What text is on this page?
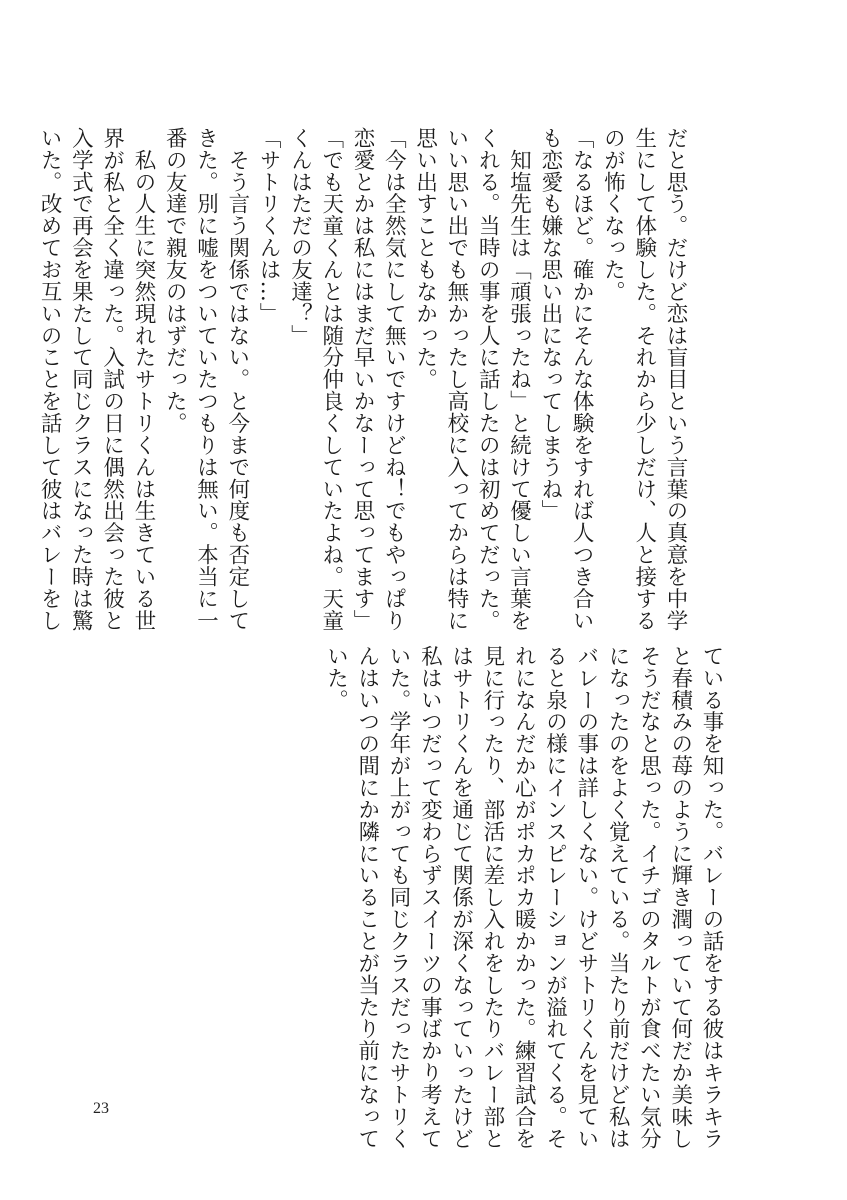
だと思う。だけど恋は盲目という言葉の真意を中学
生にして体験した。それから少しだけ、人と接する
のが怖くなった。
「なるほど。確かにそんな体験をすれば人つき合い
も恋愛も嫌な思い出になってしまうね」
　知塩先生は「頑張ったね」と続けて優しい言葉を
くれる。当時の事を人に話したのは初めてだった。
いい思い出でも無かったし高校に入ってからは特に
思い出すこともなかった。
「今は全然気にして無いですけどね！でもやっぱり
恋愛とかは私にはまだ早いかなーって思ってます」
「でも天童くんとは随分仲良くしていたよね。天童
くんはただの友達？」
「サトリくんは…」
　そう言う関係ではない。と今まで何度も否定して
きた。別に嘘をついていたつもりは無い。本当に一
番の友達で親友のはずだった。
　私の人生に突然現れたサトリくんは生きている世
界が私と全く違った。入試の日に偶然出会った彼と
入学式で再会を果たして同じクラスになった時は驚
いた。改めてお互いのことを話して彼はバレーをし
ている事を知った。バレーの話をする彼はキラキラ
と春積みの苺のように輝き潤っていて何だか美味し
そうだなと思った。イチゴのタルトが食べたい気分
になったのをよく覚えている。当たり前だけど私は
バレーの事は詳しくない。けどサトリくんを見てい
ると泉の様にインスピレーションが溢れてくる。そ
れになんだか心がポカポカ暖かかった。練習試合を
見に行ったり、部活に差し入れをしたりバレー部と
はサトリくんを通じて関係が深くなっていったけど
私はいつだって変わらずスイーツの事ばかり考えて
いた。学年が上がっても同じクラスだったサトリく
んはいつの間にか隣にいることが当たり前になって
いた。
23
